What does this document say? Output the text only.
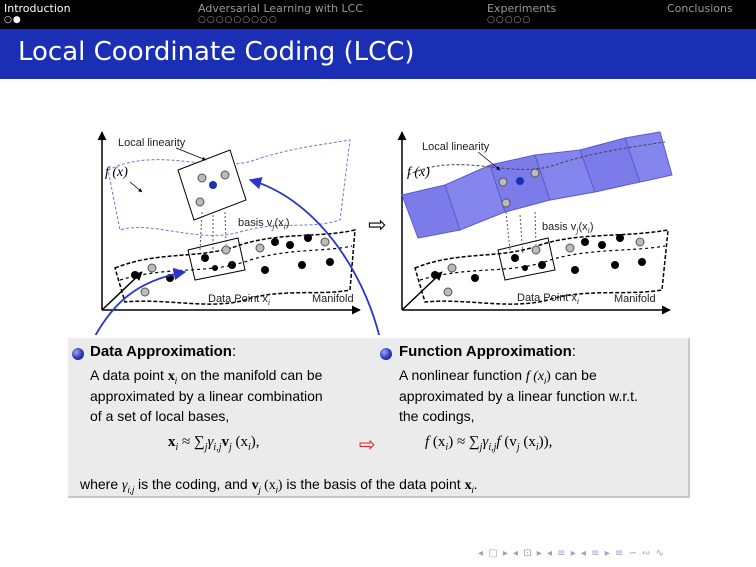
Introduction
○●
Adversarial Learning with LCC
○○○○○○○○○
Experiments
○○○○○
Conclusions
Local Coordinate Coding (LCC)
Local linearity
f (x)
basis $v_j(x_i)$
Data Point $x_i$	Manifold
⇨
Local linearity
f (x)
basis $v_j(x_i)$
Data Point $x_i$	Manifold
Data Approximation:
A data point $x_i$ on the manifold can be
approximated by a linear combination
of a set of local bases,
$x_i \approx \sum_j\gamma_{i,j}v_j$ $(x_i)$,	⇨
Function Approximation:
A nonlinear function f $(x_i)$ can be
approximated by a linear function w.r.t.
the codings,
f $(x_i) \approx \sum_j\gamma_{i,j}f$ ($v_j$ $(x_i)$),
where $\gamma_{i,j}$ is the coding, and $v_j$ $(x_i)$ is the basis of the data point $x_i$.
◂ ▢ ▸ ◂ ⊡ ▸ ◂ ≡ ▸ ◂ ≡ ▸ ≡ ∽ ∾ ∿
